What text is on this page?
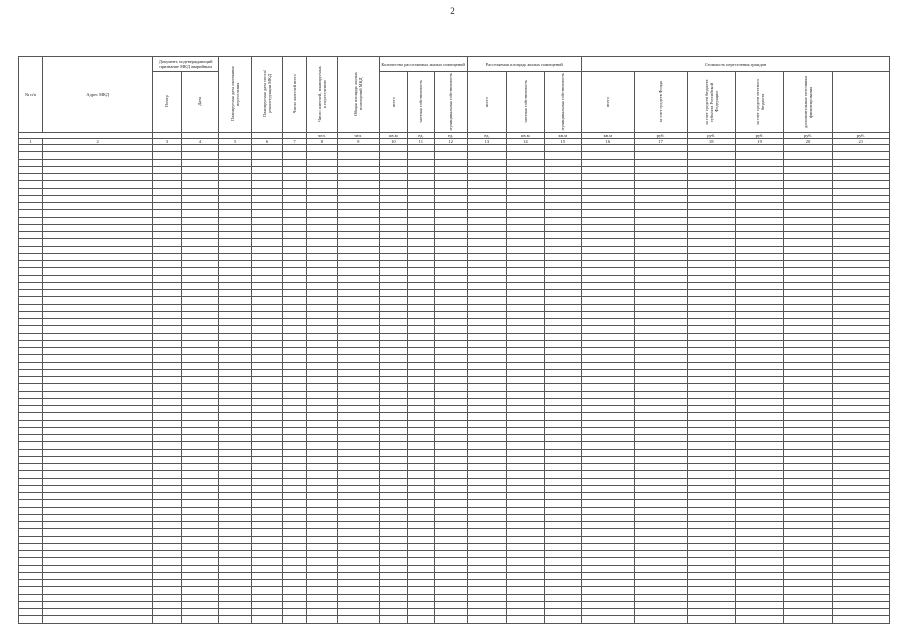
2
№ п/п	Адрес МКД	Документ, подтверждающий признание МКД аварийным		Планируемая дата окончания переселения	Планируемая дата сноса/реконструкции МКД	Число жителей всего	Число жителей, планируемых к переселению	Общая площадь жилых помещений МКД	Количество расселяемых жилых помещений			Расселяемая площадь жилых помещений			Стоимость переселения граждан					
		Номер	Дата						всего	частная собственность	муниципальная собственность	всего	частная собственность	муниципальная собственность	всего	за счет средств Фонда	за счет средств бюджета субъекта Российской Федерации	за счет средств местного бюджета	дополнительные источники финансирования	

							чел.	чел.	кв.м	ед.	ед.	ед.	кв.м	кв.м	кв.м	руб.	руб.	руб.	руб.	руб.
1	2	3	4	5	6	7	8	9	10	11	12	13	14	15	16	17	18	19	20	21
